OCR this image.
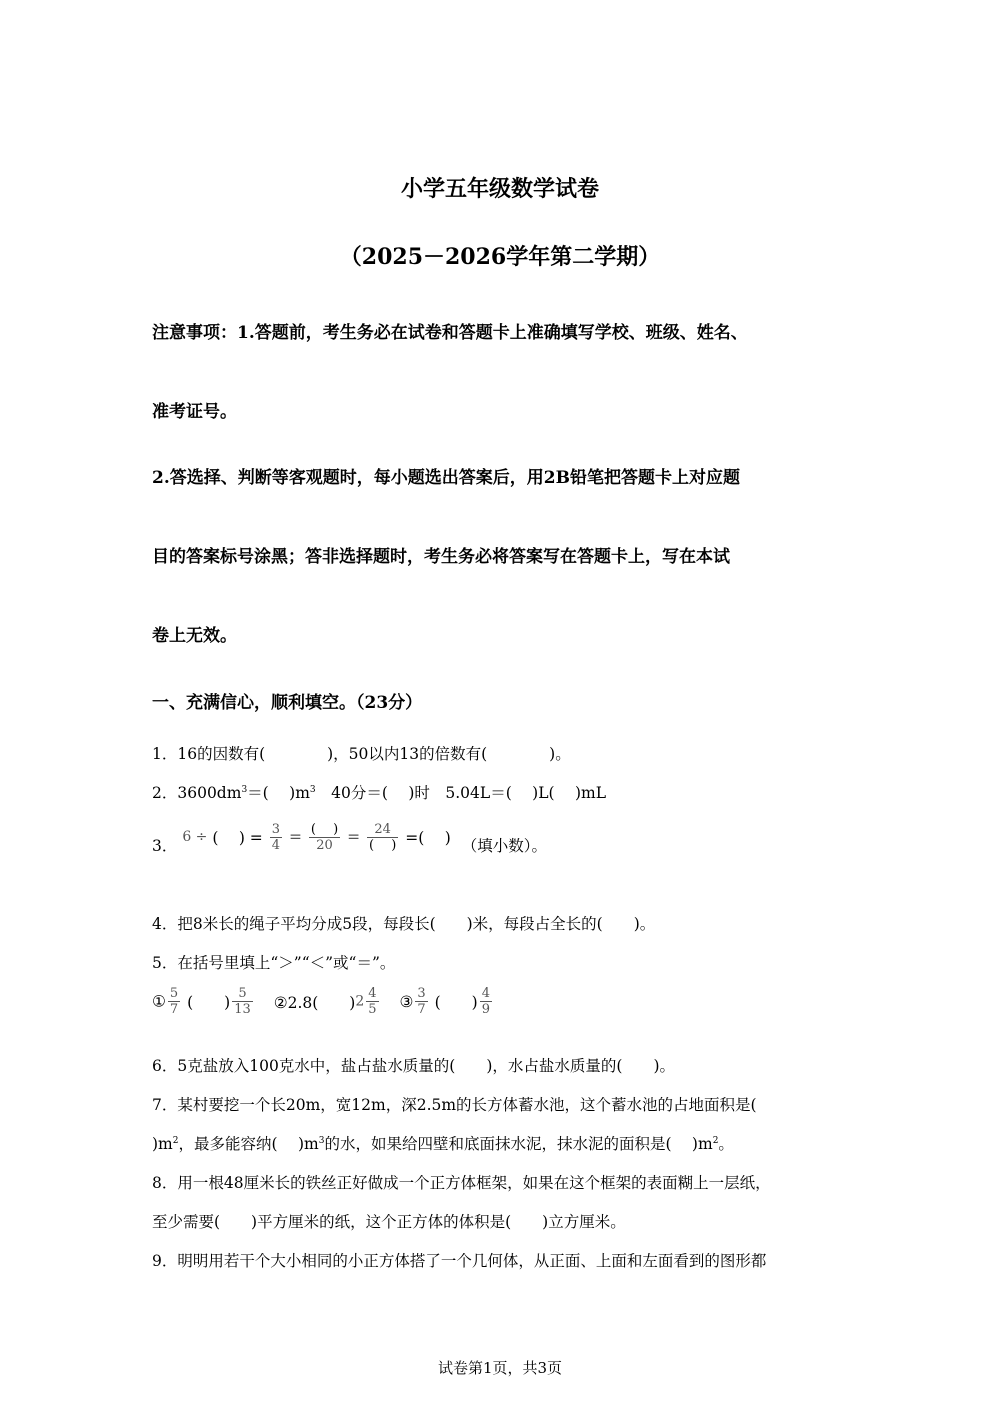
小学五年级数学试卷
（2025－2026学年第二学期）
注意事项：1.答题前，考生务必在试卷和答题卡上准确填写学校、班级、姓名、
准考证号。
2.答选择、判断等客观题时，每小题选出答案后，用2B铅笔把答题卡上对应题
目的答案标号涂黑；答非选择题时，考生务必将答案写在答题卡上，写在本试
卷上无效。
一、充满信心，顺利填空。（23分）
1．16的因数有(　　　　)，50以内13的倍数有(　　　　)。
2．$3600dm^3=$(　 )$m^3$　40分＝(　 )时　5.04L＝(　 )L(　 )mL
3． 6 ÷ (　 ) = $\frac{3}{4} = \frac{( )}{20} = \frac{24}{( )}$ =(　 ) （填小数）。
4．把8米长的绳子平均分成5段，每段长(　　)米，每段占全长的(　　)。
5．在括号里填上“＞”“＜”或“＝”。
① $\frac{5}{7}$ (　　) $\frac{5}{13}$ ②2.8(　　)$2 \frac{4}{5}$ ③ $\frac{3}{7}$ (　　) $\frac{4}{9}$
6．5克盐放入100克水中，盐占盐水质量的(　　)，水占盐水质量的(　　)。
7．某村要挖一个长20m，宽12m，深2.5m的长方体蓄水池，这个蓄水池的占地面积是(
)$m^2$，最多能容纳(　 )$m^3$的水，如果给四壁和底面抹水泥，抹水泥的面积是(　 )$m^2$。
8．用一根48厘米长的铁丝正好做成一个正方体框架，如果在这个框架的表面糊上一层纸，
至少需要(　　)平方厘米的纸，这个正方体的体积是(　　)立方厘米。
9．明明用若干个大小相同的小正方体搭了一个几何体，从正面、上面和左面看到的图形都
试卷第1页，共3页
